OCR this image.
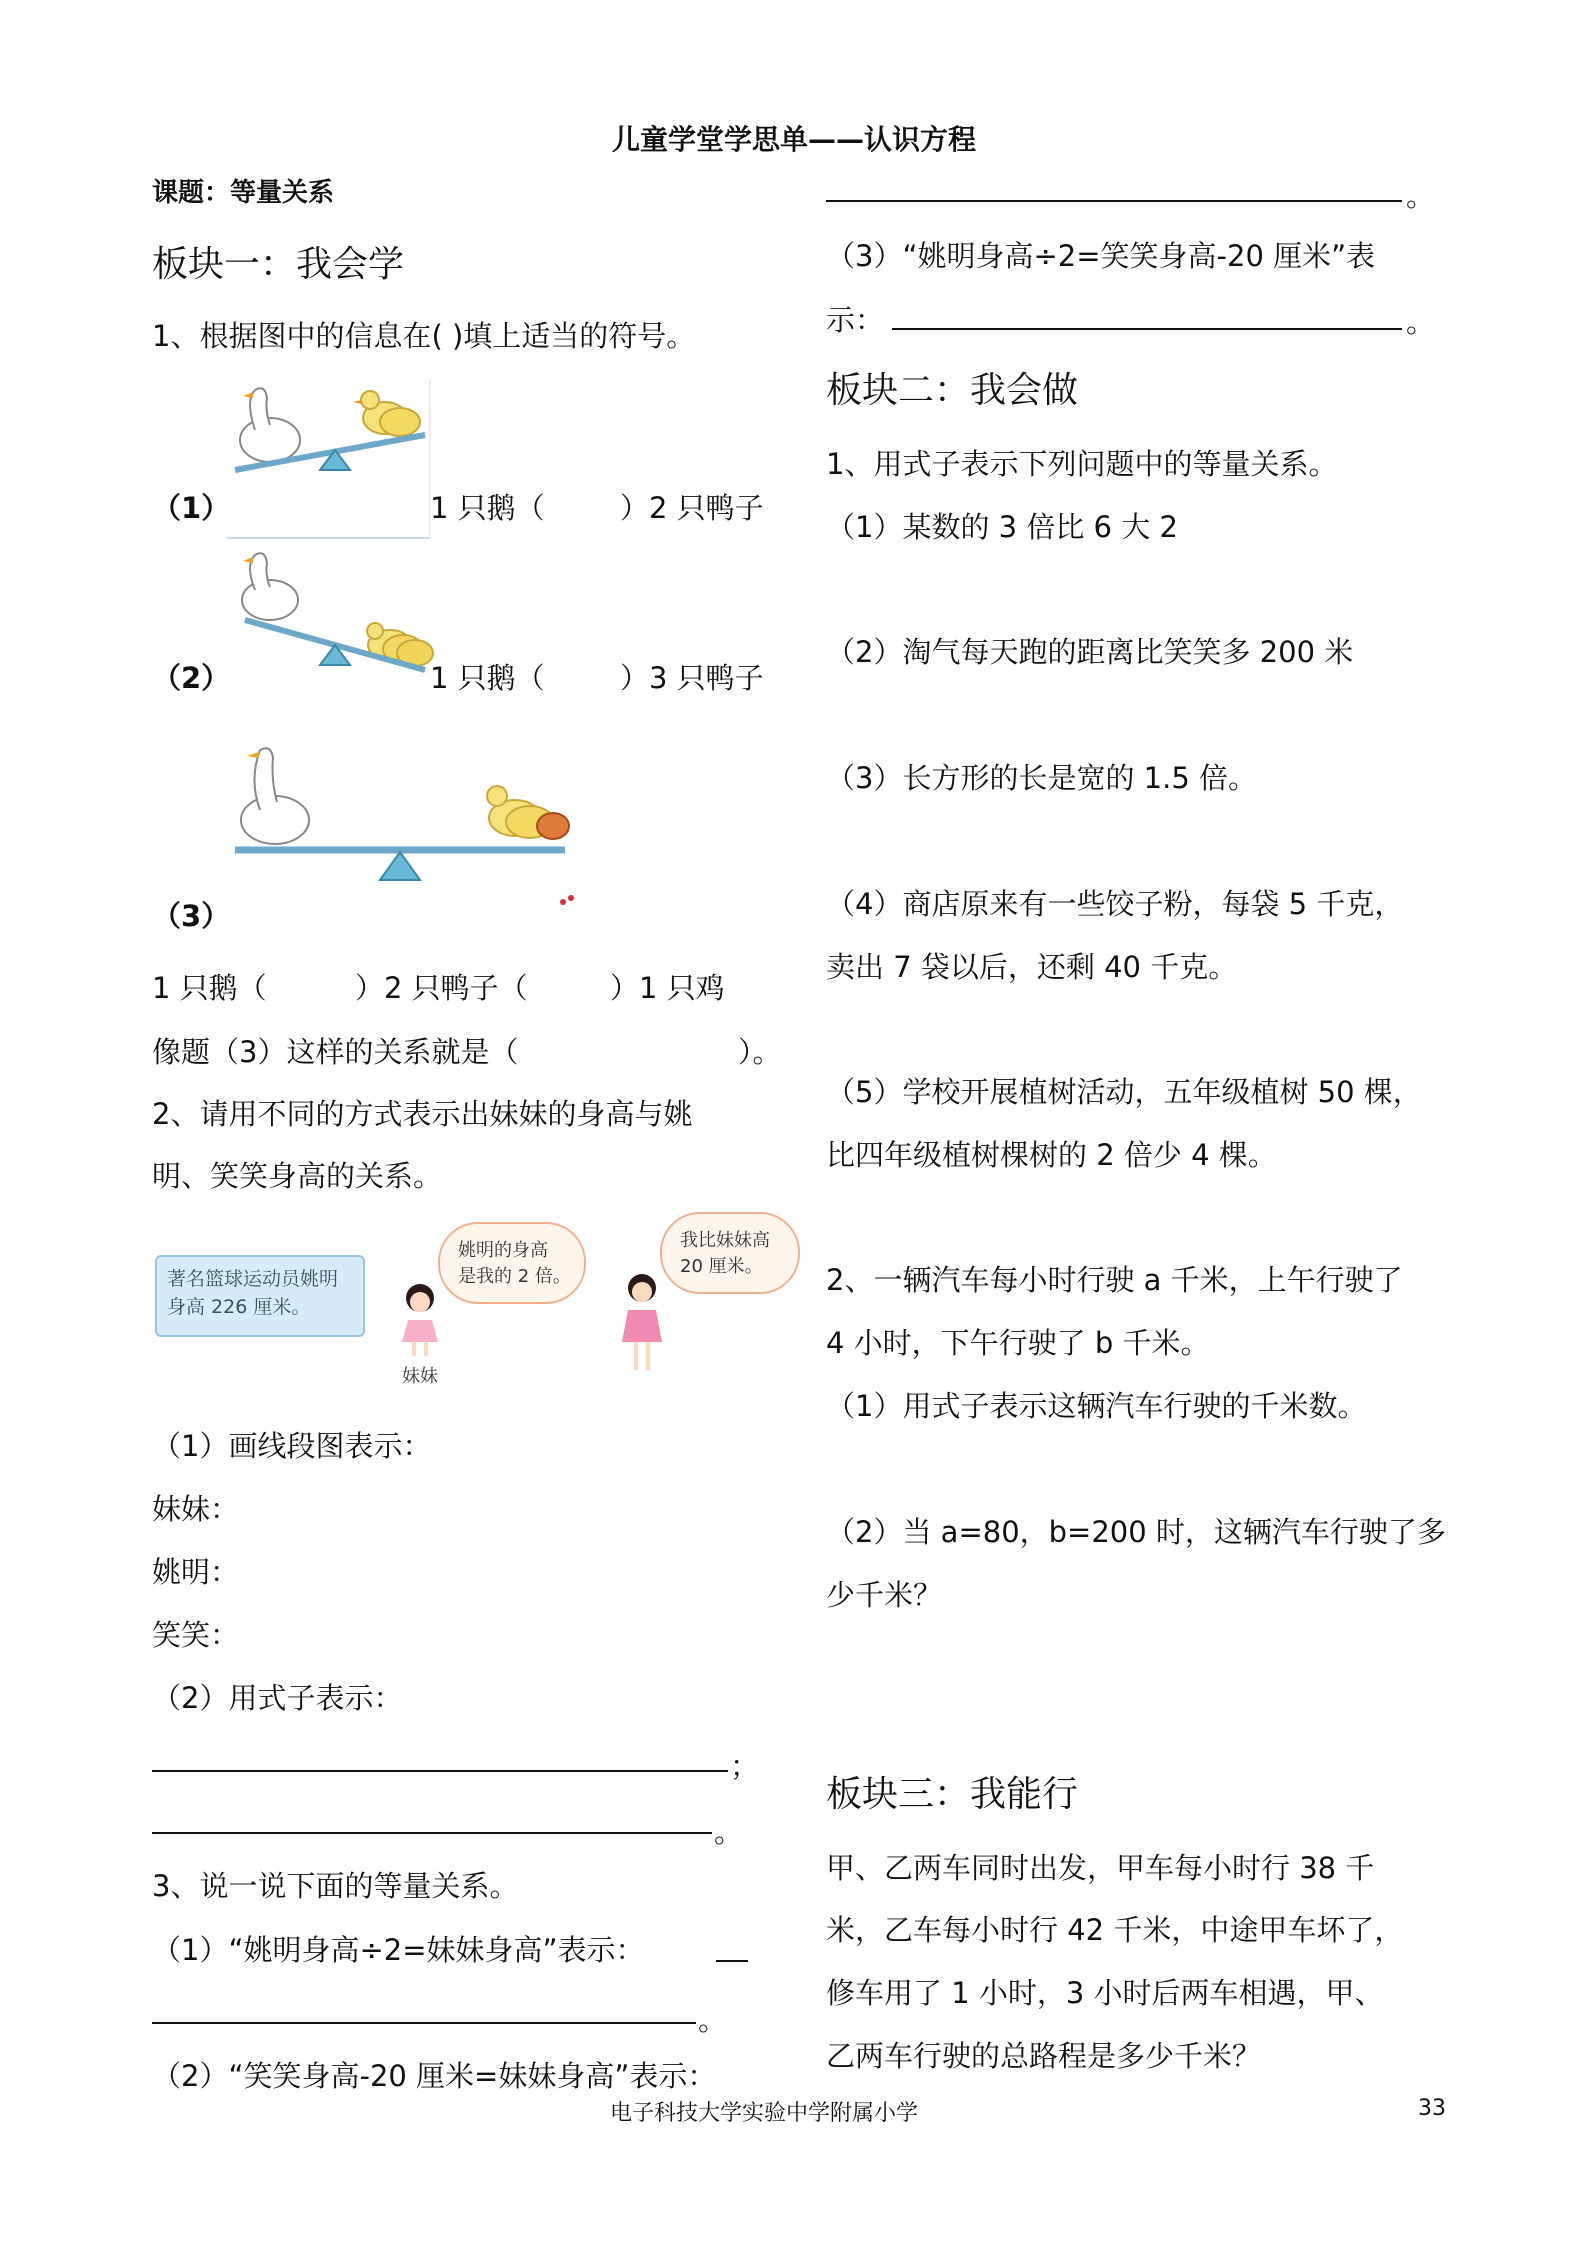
儿童学堂学思单——认识方程
课题：等量关系
板块一：我会学
1、根据图中的信息在( )填上适当的符号。
（1）	1 只鹅（	）2 只鸭子
（2）	1 只鹅（	）3 只鸭子
（3）
1 只鹅（	）2 只鸭子（	）1 只鸡
像题（3）这样的关系就是（	）。
2、请用不同的方式表示出妹妹的身高与姚
明、笑笑身高的关系。
著名篮球运动员姚明
身高 226 厘米。
姚明的身高
是我的 2 倍。
我比妹妹高
20 厘米。
妹妹
（1）画线段图表示：
妹妹：
姚明：
笑笑：
（2）用式子表示：
；
。
3、说一说下面的等量关系。
（1）“姚明身高÷2=妹妹身高”表示：
。
（2）“笑笑身高-20 厘米=妹妹身高”表示：
。
（3）“姚明身高÷2=笑笑身高-20 厘米”表
示：	。
板块二：我会做
1、用式子表示下列问题中的等量关系。
（1）某数的 3 倍比 6 大 2
（2）淘气每天跑的距离比笑笑多 200 米
（3）长方形的长是宽的 1.5 倍。
（4）商店原来有一些饺子粉，每袋 5 千克，
卖出 7 袋以后，还剩 40 千克。
（5）学校开展植树活动，五年级植树 50 棵，
比四年级植树棵树的 2 倍少 4 棵。
2、一辆汽车每小时行驶 a 千米，上午行驶了
4 小时，下午行驶了 b 千米。
（1）用式子表示这辆汽车行驶的千米数。
（2）当 a=80，b=200 时，这辆汽车行驶了多
少千米？
板块三：我能行
甲、乙两车同时出发，甲车每小时行 38 千
米，乙车每小时行 42 千米，中途甲车坏了，
修车用了 1 小时，3 小时后两车相遇，甲、
乙两车行驶的总路程是多少千米？
电子科技大学实验中学附属小学	33
